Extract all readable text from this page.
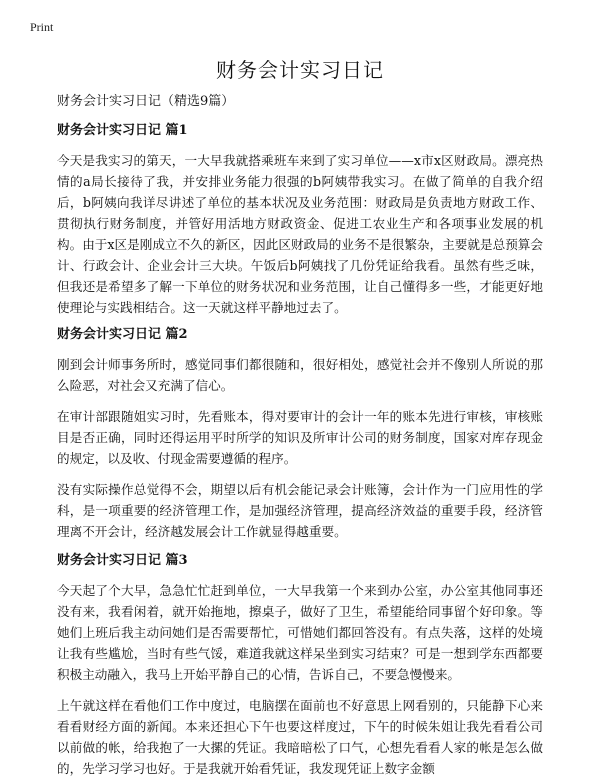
Print
财务会计实习日记

财务会计实习日记（精选9篇）

财务会计实习日记 篇1

今天是我实习的第天，一大早我就搭乘班车来到了实习单位——x市x区财政局。漂亮热情的a局长接待了我，并安排业务能力很强的b阿姨带我实习。在做了简单的自我介绍后，b阿姨向我详尽讲述了单位的基本状况及业务范围：财政局是负责地方财政工作、贯彻执行财务制度，并管好用活地方财政资金、促进工农业生产和各项事业发展的机构。由于x区是刚成立不久的新区，因此区财政局的业务不是很繁杂，主要就是总预算会计、行政会计、企业会计三大块。午饭后b阿姨找了几份凭证给我看。虽然有些乏味，但我还是希望多了解一下单位的财务状况和业务范围，让自己懂得多一些，才能更好地使理论与实践相结合。这一天就这样平静地过去了。

财务会计实习日记 篇2

刚到会计师事务所时，感觉同事们都很随和，很好相处，感觉社会并不像别人所说的那么险恶，对社会又充满了信心。

在审计部跟随姐实习时，先看账本，得对要审计的会计一年的账本先进行审核，审核账目是否正确，同时还得运用平时所学的知识及所审计公司的财务制度，国家对库存现金的规定，以及收、付现金需要遵循的程序。

没有实际操作总觉得不会，期望以后有机会能记录会计账簿，会计作为一门应用性的学科，是一项重要的经济管理工作，是加强经济管理，提高经济效益的重要手段，经济管理离不开会计，经济越发展会计工作就显得越重要。

财务会计实习日记 篇3

今天起了个大早，急急忙忙赶到单位，一大早我第一个来到办公室，办公室其他同事还没有来，我看闲着，就开始拖地，擦桌子，做好了卫生，希望能给同事留个好印象。等她们上班后我主动问她们是否需要帮忙，可惜她们都回答没有。有点失落，这样的处境让我有些尴尬，当时有些气馁，难道我就这样呆坐到实习结束？可是一想到学东西都要积极主动融入，我马上开始平静自己的心情，告诉自己，不要急慢慢来。

上午就这样在看他们工作中度过，电脑摆在面前也不好意思上网看别的，只能静下心来看看财经方面的新闻。本来还担心下午也要这样度过，下午的时候朱姐让我先看看公司以前做的帐，给我抱了一大摞的凭证。我暗暗松了口气，心想先看看人家的帐是怎么做的，先学习学习也好。于是我就开始看凭证，我发现凭证上数字金额
